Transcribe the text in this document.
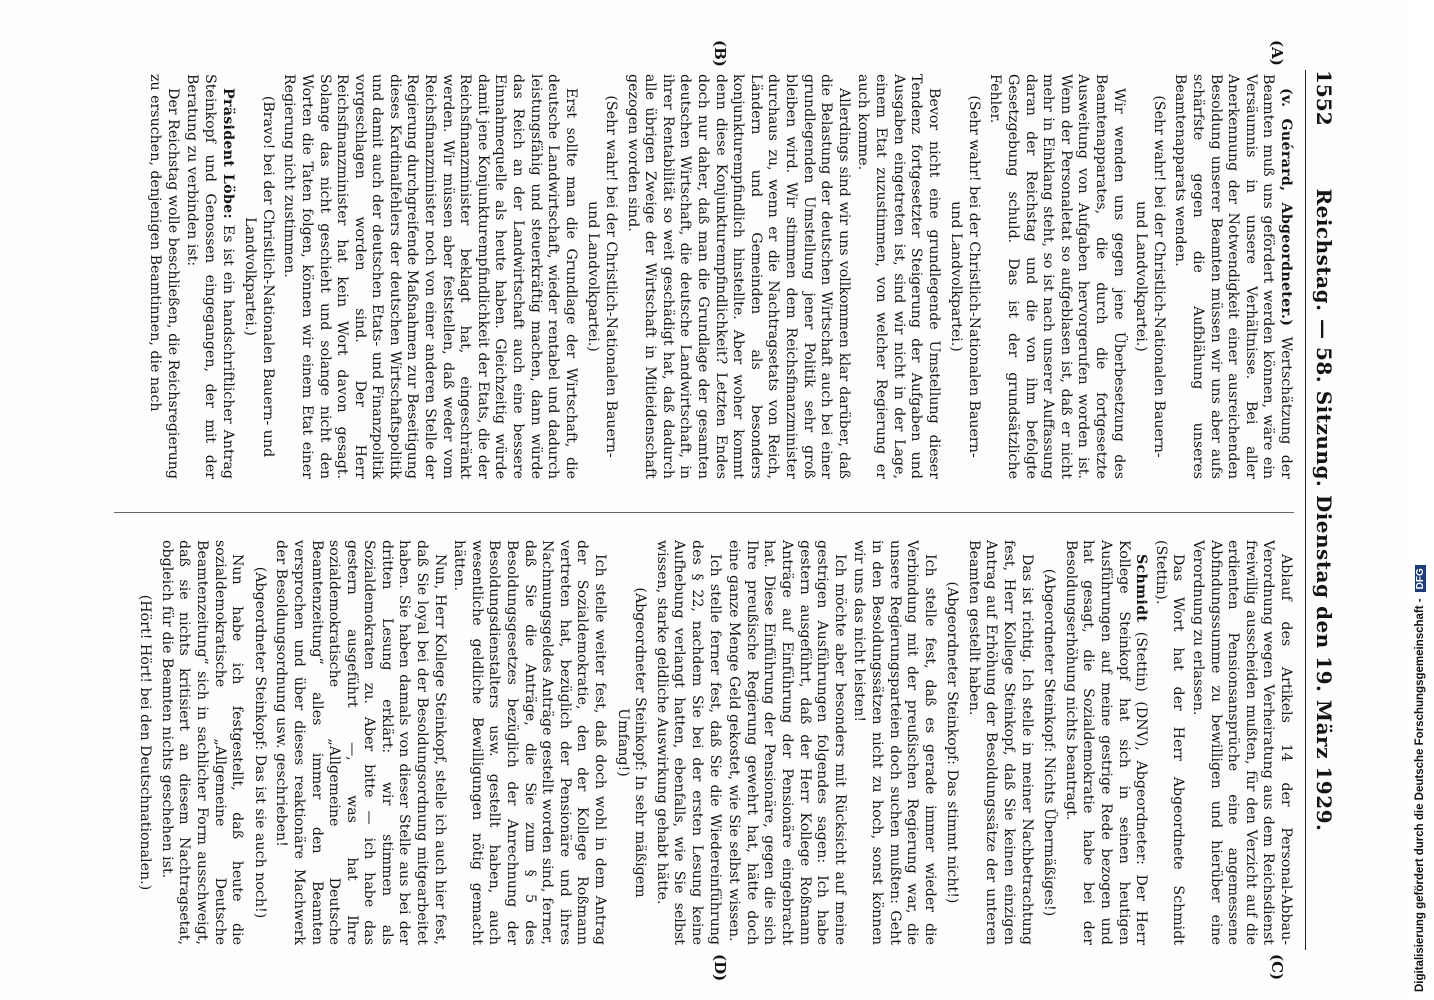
1552
Reichstag. — 58. Sitzung. Dienstag den 19. März 1929.
(A)
(B)
(C)
(D)

(v. Guérard, Abgeordneter.) Wertschätzung der Beamten muß uns gefördert werden können, wäre ein Versäumnis in unsere Verhältnisse. Bei aller Anerkennung der Notwendigkeit einer ausreichenden Besoldung unserer Beamten müssen wir uns aber aufs schärfste gegen die Aufblähung unseres Beamtenapparats wenden.

(Sehr wahr! bei der Christlich-Nationalen Bauern- und Landvolkpartei.)

Wir wenden uns gegen jene Überbesetzung des Beamtenapparates, die durch die fortgesetzte Ausweitung von Aufgaben hervorgerufen worden ist. Wenn der Personaletat so aufgeblasen ist, daß er nicht mehr in Einklang steht, so ist nach unserer Auffassung daran der Reichstag und die von ihm befolgte Gesetzgebung schuld. Das ist der grundsätzliche Fehler.

(Sehr wahr! bei der Christlich-Nationalen Bauern- und Landvolkpartei.)

Bevor nicht eine grundlegende Umstellung dieser Tendenz fortgesetzter Steigerung der Aufgaben und Ausgaben eingetreten ist, sind wir nicht in der Lage, einem Etat zuzustimmen, von welcher Regierung er auch komme.

Allerdings sind wir uns vollkommen klar darüber, daß die Belastung der deutschen Wirtschaft auch bei einer grundlegenden Umstellung jener Politik sehr groß bleiben wird. Wir stimmen dem Reichsfinanzminister durchaus zu, wenn er die Nachtragsetats von Reich, Ländern und Gemeinden als besonders konjunkturempfindlich hinstellte. Aber woher kommt denn diese Konjunkturempfindlichkeit? Letzten Endes doch nur daher, daß man die Grundlage der gesamten deutschen Wirtschaft, die deutsche Landwirtschaft, in ihrer Rentabilität so weit geschädigt hat, daß dadurch alle übrigen Zweige der Wirtschaft in Mitleidenschaft gezogen worden sind.

(Sehr wahr! bei der Christlich-Nationalen Bauern- und Landvolkpartei.)

Erst sollte man die Grundlage der Wirtschaft, die deutsche Landwirtschaft, wieder rentabel und dadurch leistungsfähig und steuerkräftig machen, dann würde das Reich an der Landwirtschaft auch eine bessere Einnahmequelle als heute haben. Gleichzeitig würde damit jene Konjunkturempfindlichkeit der Etats, die der Reichsfinanzminister beklagt hat, eingeschränkt werden. Wir müssen aber feststellen, daß weder vom Reichsfinanzminister noch von einer anderen Stelle der Regierung durchgreifende Maßnahmen zur Beseitigung dieses Kardinalfehlers der deutschen Wirtschaftspolitik und damit auch der deutschen Etats- und Finanzpolitik vorgeschlagen worden sind. Der Herr Reichsfinanzminister hat kein Wort davon gesagt. Solange das nicht geschieht und solange nicht den Worten die Taten folgen, können wir einem Etat einer Regierung nicht zustimmen.

(Bravo! bei der Christlich-Nationalen Bauern- und Landvolkpartei.)

Präsident Löbe: Es ist ein handschriftlicher Antrag Steinkopf und Genossen eingegangen, der mit der Beratung zu verbinden ist:

Der Reichstag wolle beschließen, die Reichsregierung zu ersuchen, denjenigen Beamtinnen, die nach

Ablauf des Artikels 14 der Personal-Abbau-Verordnung wegen Verheiratung aus dem Reichsdienst freiwillig ausscheiden mußten, für den Verzicht auf die erdienten Pensionsansprüche eine angemessene Abfindungssumme zu bewilligen und hierüber eine Verordnung zu erlassen.

Das Wort hat der Herr Abgeordnete Schmidt (Stettin).

Schmidt (Stettin) (DNV), Abgeordneter: Der Herr Kollege Steinkopf hat sich in seinen heutigen Ausführungen auf meine gestrige Rede bezogen und hat gesagt, die Sozialdemokratie habe bei der Besoldungserhöhung nichts beantragt.

(Abgeordneter Steinkopf: Nichts Übermäßiges!)

Das ist richtig. Ich stelle in meiner Nachbetrachtung fest, Herr Kollege Steinkopf, daß Sie keinen einzigen Antrag auf Erhöhung der Besoldungssätze der unteren Beamten gestellt haben.

(Abgeordneter Steinkopf: Das stimmt nicht!)

Ich stelle fest, daß es gerade immer wieder die Verbindung mit der preußischen Regierung war, die unsere Regierungsparteien doch suchen mußten: Geht in den Besoldungssätzen nicht zu hoch, sonst können wir uns das nicht leisten!

Ich möchte aber besonders mit Rücksicht auf meine gestrigen Ausführungen folgendes sagen: Ich habe gestern ausgeführt, daß der Herr Kollege Roßmann Anträge auf Einführung der Pensionäre eingebracht hat. Diese Einführung der Pensionäre, gegen die sich Ihre preußische Regierung gewehrt hat, hätte doch eine ganze Menge Geld gekostet, wie Sie selbst wissen.

Ich stelle ferner fest, daß Sie die Wiedereinführung des § 22, nachdem Sie bei der ersten Lesung keine Aufhebung verlangt hatten, ebenfalls, wie Sie selbst wissen, starke geldliche Auswirkung gehabt hätte.

(Abgeordneter Steinkopf: In sehr mäßigem Umfang!)

Ich stelle weiter fest, daß doch wohl in dem Antrag der Sozialdemokratie, den der Kollege Roßmann vertreten hat, bezüglich der Pensionäre und ihres Nachmungsgeldes Anträge gestellt worden sind, ferner, daß Sie die Anträge, die Sie zum § 5 des Besoldungsgesetzes bezüglich der Anrechnung der Besoldungsdienstalters usw. gestellt haben, auch wesentliche geldliche Bewilligungen nötig gemacht hätten.

Nun, Herr Kollege Steinkopf, stelle ich auch hier fest, daß Sie loyal bei der Besoldungsordnung mitgearbeitet haben. Sie haben damals von dieser Stelle aus bei der dritten Lesung erklärt: wir stimmen als Sozialdemokraten zu. Aber bitte — ich habe das gestern ausgeführt —, was hat Ihre sozialdemokratische „Allgemeine Deutsche Beamtenzeitung“ alles immer den Beamten versprochen und über dieses reaktionäre Machwerk der Besoldungsordnung usw. geschrieben!

(Abgeordneter Steinkopf: Das ist sie auch noch!)

Nun habe ich festgestellt, daß heute die sozialdemokratische „Allgemeine Deutsche Beamtenzeitung“ sich in sachlicher Form ausschweigt, daß sie nichts kritisiert an diesem Nachtragsetat, obgleich für die Beamten nichts geschehen ist.

(Hört! Hört! bei den Deutschnationalen.)	Digitalisierung gefördert durch die Deutsche Forschungsgemeinschaft -DFG
